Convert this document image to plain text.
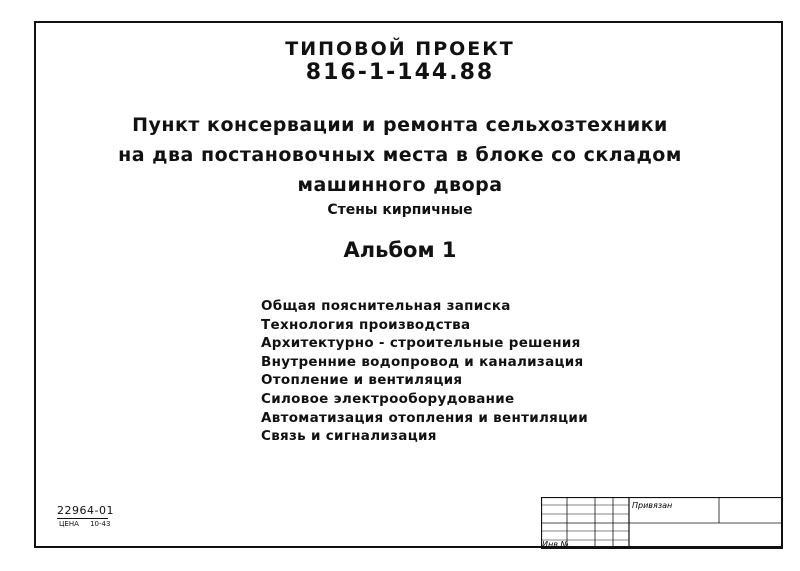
ТИПОВОЙ ПРОЕКТ
816-1-144.88
Пункт консервации и ремонта сельхозтехники
на два постановочных места в блоке со складом
машинного двора
Стены кирпичные
Альбом 1
Общая пояснительная записка
Технология производства
Архитектурно - строительные решения
Внутренние водопровод и канализация
Отопление и вентиляция
Силовое электрооборудование
Автоматизация отопления и вентиляции
Связь и сигнализация
22964-01
ЦЕНА 10-43
Привязан
Инв.№
